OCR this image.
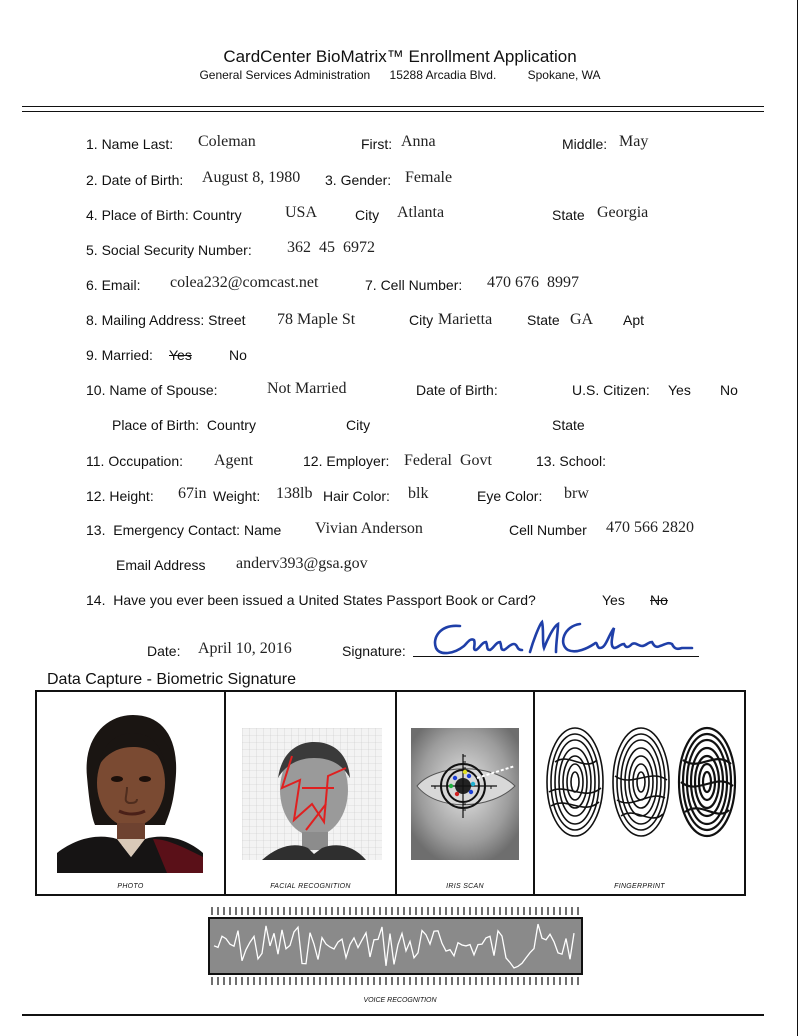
CardCenter BioMatrix™ Enrollment Application
General Services Administration 15288 Arcadia Blvd.	Spokane, WA
1. Name Last: Coleman	First: Anna	Middle: May
2. Date of Birth: August 8, 1980 3. Gender: Female
4. Place of Birth: Country	USA	City Atlanta	State Georgia
5. Social Security Number: 362  45  6972
6. Email: colea232@comcast.net	7. Cell Number: 470 676  8997
8. Mailing Address: Street 78 Maple St	City Marietta State GA Apt
9. Married: Yes	No
10. Name of Spouse:	Not Married	Date of Birth:	U.S. Citizen: Yes No
Place of Birth:  Country	City	State
11. Occupation: Agent	12. Employer: Federal  Govt	13. School:
12. Height: 67in Weight: 138lb Hair Color: blk	Eye Color: brw
13.  Emergency Contact: Name Vivian Anderson	Cell Number 470 566 2820
Email Address anderv393@gsa.gov
14.  Have you ever been issued a United States Passport Book or Card?	Yes No
Date: April 10, 2016	Signature:
Data Capture - Biometric Signature
PHOTO	FACIAL RECOGNITION	IRIS SCAN	FINGERPRINT
VOICE RECOGNITION
